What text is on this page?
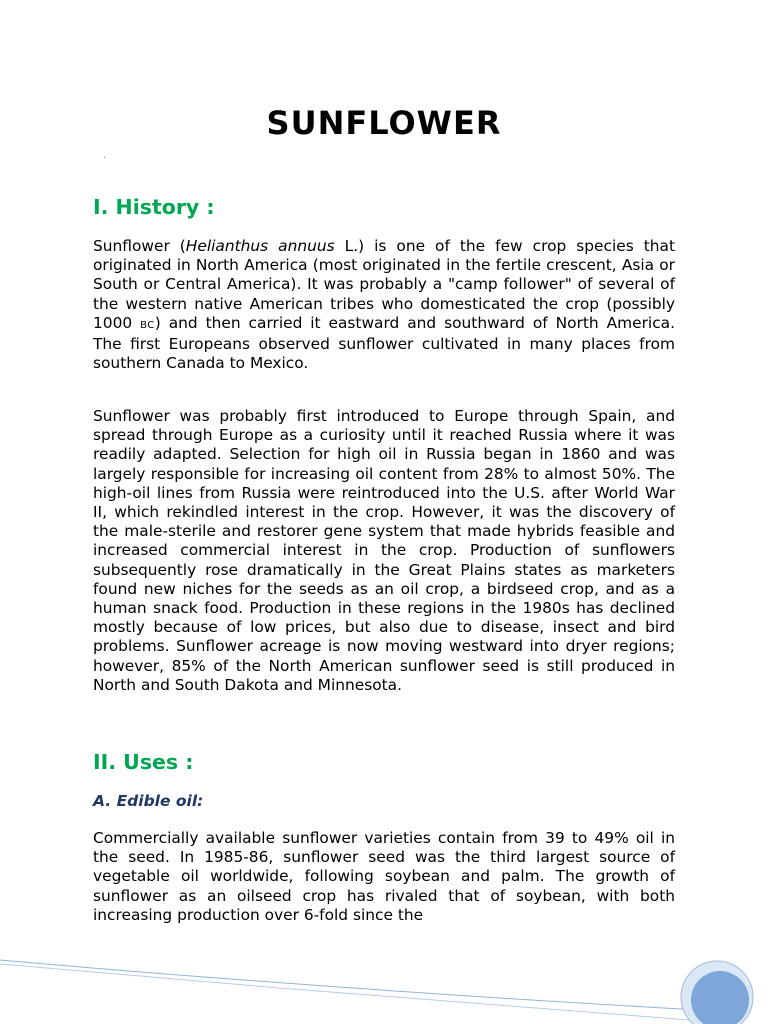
SUNFLOWER
.
I. History :

Sunflower (Helianthus annuus L.) is one of the few crop species that originated in North America (most originated in the fertile crescent, Asia or South or Central America). It was probably a "camp follower" of several of the western native American tribes who domesticated the crop (possibly 1000 BC) and then carried it eastward and southward of North America. The first Europeans observed sunflower cultivated in many places from southern Canada to Mexico.

Sunflower was probably first introduced to Europe through Spain, and spread through Europe as a curiosity until it reached Russia where it was readily adapted. Selection for high oil in Russia began in 1860 and was largely responsible for increasing oil content from 28% to almost 50%. The high-oil lines from Russia were reintroduced into the U.S. after World War II, which rekindled interest in the crop. However, it was the discovery of the male-sterile and restorer gene system that made hybrids feasible and increased commercial interest in the crop. Production of sunflowers subsequently rose dramatically in the Great Plains states as marketers found new niches for the seeds as an oil crop, a birdseed crop, and as a human snack food. Production in these regions in the 1980s has declined mostly because of low prices, but also due to disease, insect and bird problems. Sunflower acreage is now moving westward into dryer regions; however, 85% of the North American sunflower seed is still produced in North and South Dakota and Minnesota.

II. Uses :
A. Edible oil:

Commercially available sunflower varieties contain from 39 to 49% oil in the seed. In 1985-86, sunflower seed was the third largest source of vegetable oil worldwide, following soybean and palm. The growth of sunflower as an oilseed crop has rivaled that of soybean, with both increasing production over 6-fold since the
